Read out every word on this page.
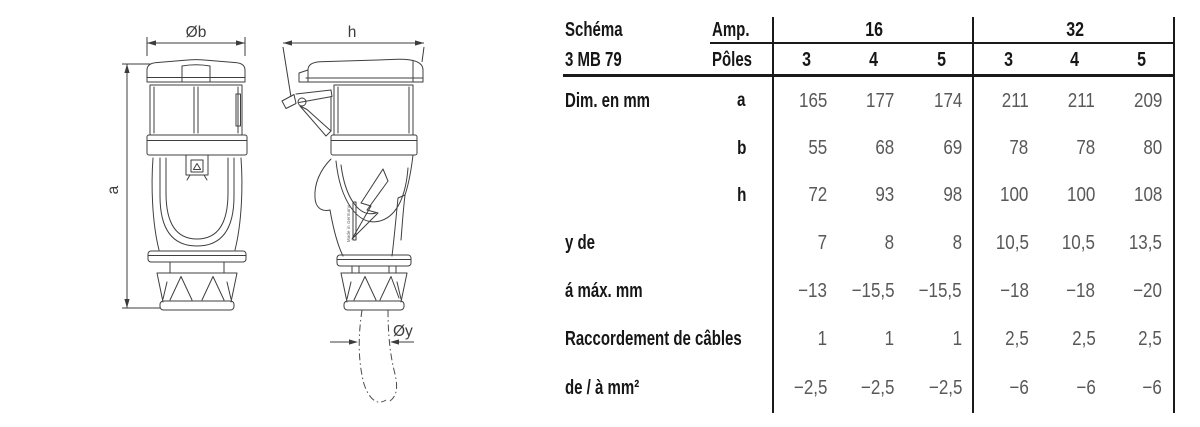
Øb
a
h
Made in Germany
Øy
Schéma	Amp.	16	32
3 MB 79	Pôles	3	4	5	3	4	5
Dim. en mm	a	165 177 174 211 211 209
b	55 68 69 78 78 80
h	72 93 98 100 100 108
y de	7	8	8 10,5 10,5 13,5
á máx. mm	−13 −15,5 −15,5 −18 −18 −20
Raccordement de câbles	1	1	1 2,5 2,5 2,5
de / à mm²	−2,5 −2,5 −2,5 −6 −6 −6
